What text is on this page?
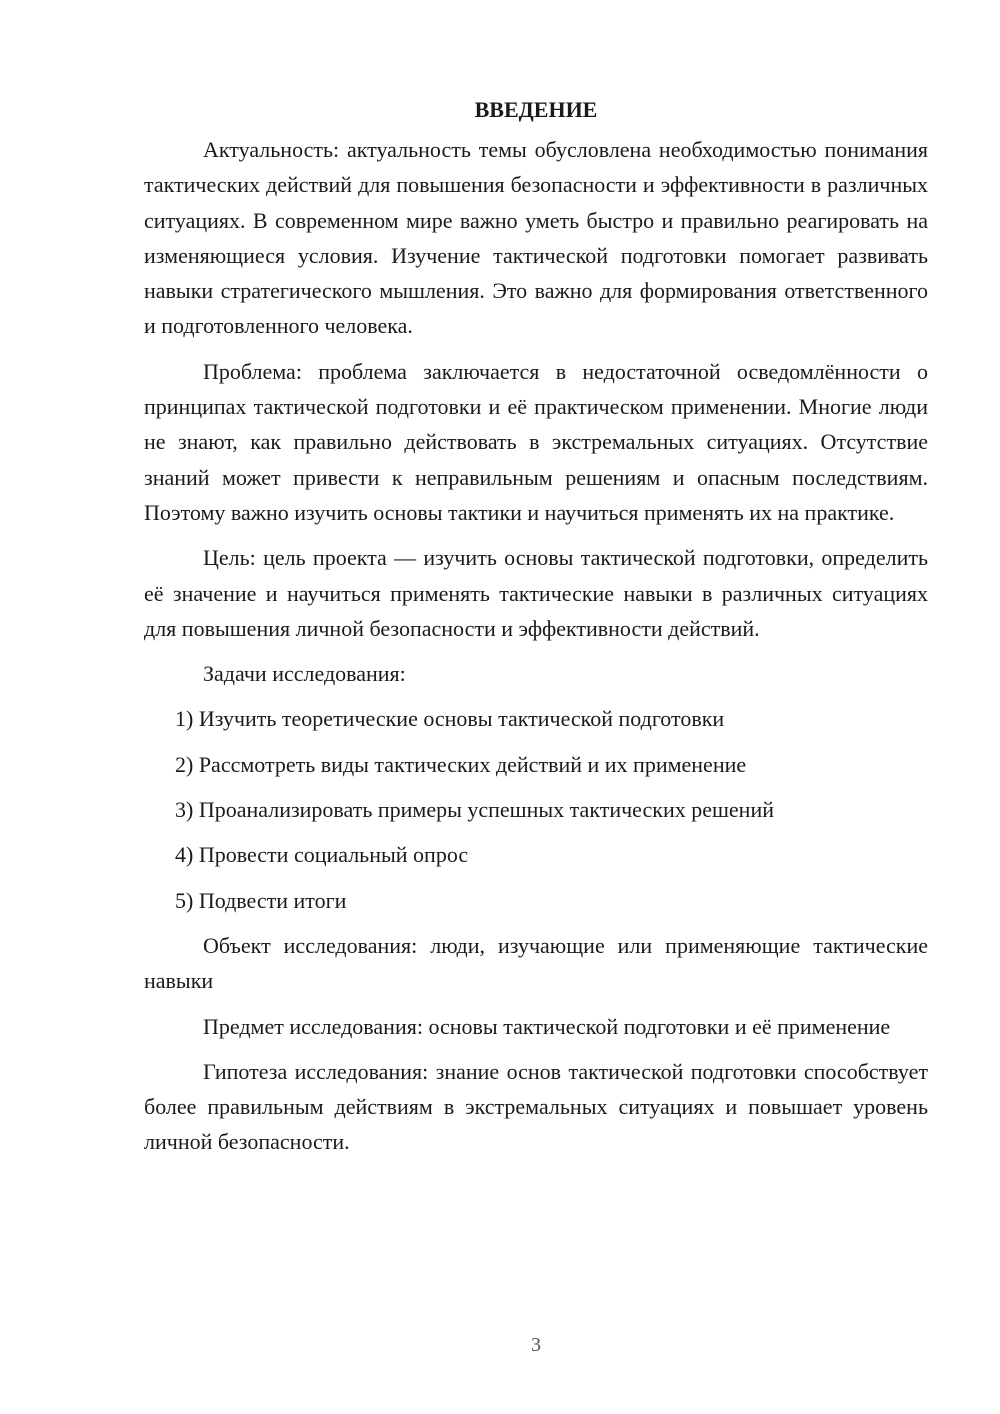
ВВЕДЕНИЕ

Актуальность: актуальность темы обусловлена необходимостью понимания тактических действий для повышения безопасности и эффективности в различных ситуациях. В современном мире важно уметь быстро и правильно реагировать на изменяющиеся условия. Изучение тактической подготовки помогает развивать навыки стратегического мышления. Это важно для формирования ответственного и подготовленного человека.

Проблема: проблема заключается в недостаточной осведомлённости о принципах тактической подготовки и её практическом применении. Многие люди не знают, как правильно действовать в экстремальных ситуациях. Отсутствие знаний может привести к неправильным решениям и опасным последствиям. Поэтому важно изучить основы тактики и научиться применять их на практике.

Цель: цель проекта — изучить основы тактической подготовки, определить её значение и научиться применять тактические навыки в различных ситуациях для повышения личной безопасности и эффективности действий.

Задачи исследования:

1) Изучить теоретические основы тактической подготовки
2) Рассмотреть виды тактических действий и их применение
3) Проанализировать примеры успешных тактических решений
4) Провести социальный опрос
5) Подвести итоги

Объект исследования: люди, изучающие или применяющие тактические навыки

Предмет исследования: основы тактической подготовки и её применение

Гипотеза исследования: знание основ тактической подготовки способствует более правильным действиям в экстремальных ситуациях и повышает уровень личной безопасности.

3
